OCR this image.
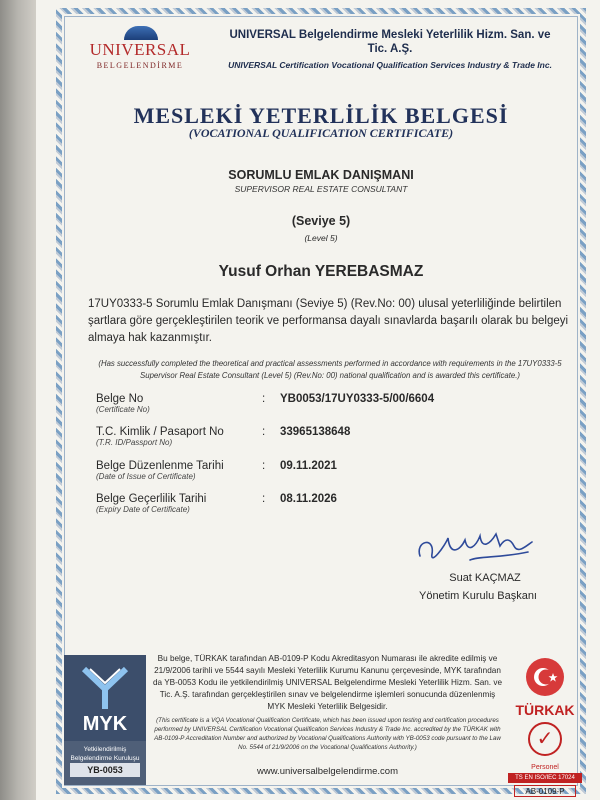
UNIVERSAL
BELGELENDİRME
UNIVERSAL Belgelendirme Mesleki Yeterlilik Hizm. San. ve
Tic. A.Ş.
UNIVERSAL Certification Vocational Qualification Services Industry & Trade Inc.
MESLEKİ YETERLİLİK BELGESİ
(VOCATIONAL QUALIFICATION CERTIFICATE)
SORUMLU EMLAK DANIŞMANI
SUPERVISOR REAL ESTATE CONSULTANT
(Seviye 5)
(Level 5)
Yusuf Orhan YEREBASMAZ
17UY0333-5 Sorumlu Emlak Danışmanı (Seviye 5) (Rev.No: 00) ulusal yeterliliğinde belirtilen şartlara göre gerçekleştirilen teorik ve performansa dayalı sınavlarda başarılı olarak bu belgeyi almaya hak kazanmıştır.
(Has successfully completed the theoretical and practical assessments performed in accordance with requirements in the 17UY0333-5 Supervisor Real Estate Consultant (Level 5) (Rev.No: 00) national qualification and is awarded this certificate.)
Belge No
(Certificate No)
: YB0053/17UY0333-5/00/6604
T.C. Kimlik / Pasaport No
(T.R. ID/Passport No)
: 33965138648
Belge Düzenlenme Tarihi
(Date of Issue of Certificate)
: 09.11.2021
Belge Geçerlilik Tarihi
(Expiry Date of Certificate)
: 08.11.2026
Suat KAÇMAZ
Yönetim Kurulu Başkanı
MYK
Yetkilendirilmiş
Belgelendirme Kuruluşu
YB-0053
Bu belge, TÜRKAK tarafından AB-0109-P Kodu Akreditasyon Numarası ile akredite edilmiş ve 21/9/2006 tarihli ve 5544 sayılı Mesleki Yeterlilik Kurumu Kanunu çerçevesinde, MYK tarafından da YB-0053 Kodu ile yetkilendirilmiş UNIVERSAL Belgelendirme Mesleki Yeterlilik Hizm. San. ve Tic. A.Ş. tarafından gerçekleştirilen sınav ve belgelendirme işlemleri sonucunda düzenlenmiş MYK Mesleki Yeterlilik Belgesidir.
(This certificate is a VQA Vocational Qualification Certificate, which has been issued upon testing and certification procedures performed by UNIVERSAL Certification Vocational Qualification Services Industry & Trade Inc. accredited by the TÜRKAK with AB-0109-P Accreditation Number and authorized by Vocational Qualifications Authority with YB-0053 code pursuant to the Law No. 5544 of 21/9/2006 on the Vocational Qualifications Authority.)
www.universalbelgelendirme.com
TÜRKAK
✓
Personel
TS EN ISO/IEC 17024
AB-0109-P
